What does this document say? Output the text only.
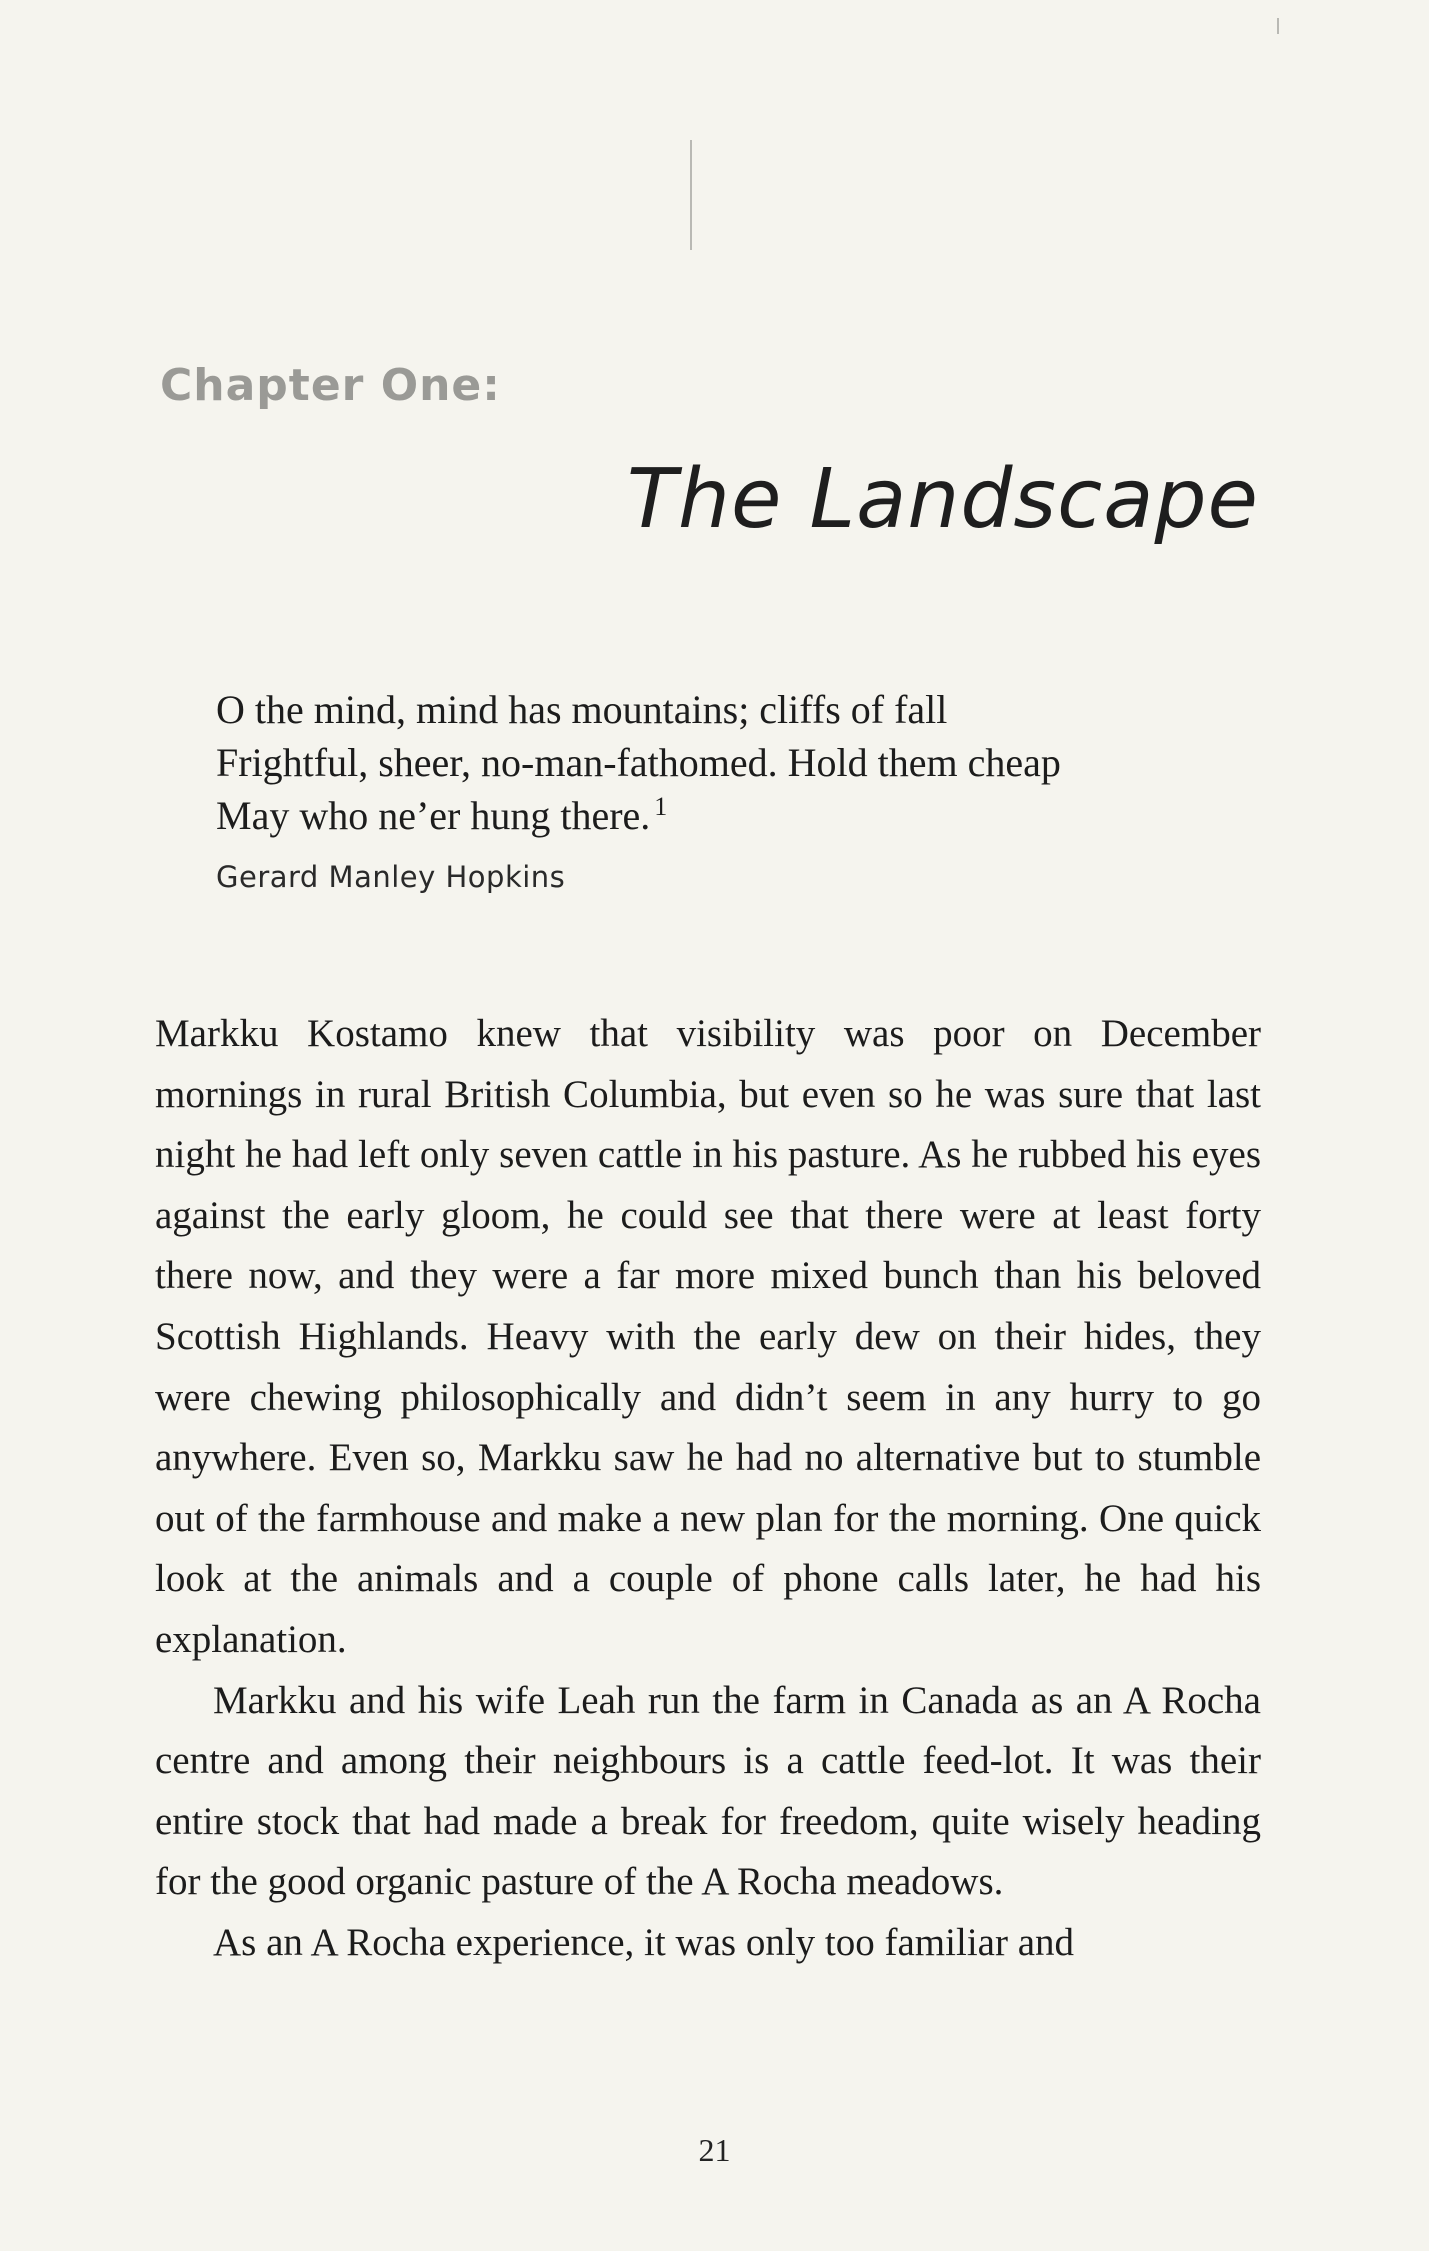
Chapter One:
The Landscape
O the mind, mind has mountains; cliffs of fall
Frightful, sheer, no-man-fathomed. Hold them cheap
May who ne’er hung there. $^1$
Gerard Manley Hopkins

Markku Kostamo knew that visibility was poor on December mornings in rural British Columbia, but even so he was sure that last night he had left only seven cattle in his pasture. As he rubbed his eyes against the early gloom, he could see that there were at least forty there now, and they were a far more mixed bunch than his beloved Scottish Highlands. Heavy with the early dew on their hides, they were chewing philosophically and didn’t seem in any hurry to go anywhere. Even so, Markku saw he had no alternative but to stumble out of the farmhouse and make a new plan for the morning. One quick look at the animals and a couple of phone calls later, he had his explanation.

Markku and his wife Leah run the farm in Canada as an A Rocha centre and among their neighbours is a cattle feed-lot. It was their entire stock that had made a break for freedom, quite wisely heading for the good organic pasture of the A Rocha meadows.

As an A Rocha experience, it was only too familiar and

21
